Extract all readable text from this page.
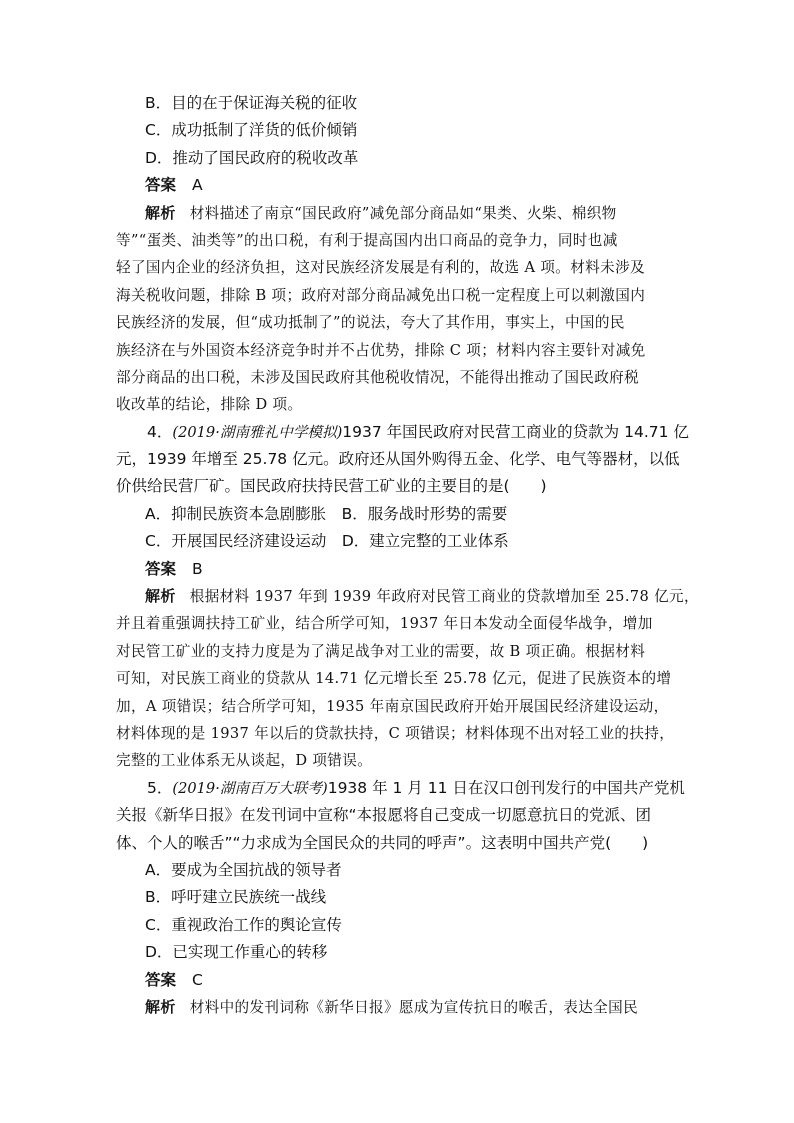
B．目的在于保证海关税的征收
C．成功抵制了洋货的低价倾销
D．推动了国民政府的税收改革
答案 A
解析 材料描述了南京“国民政府”减免部分商品如“果类、火柴、棉织物
等”“蛋类、油类等”的出口税，有利于提高国内出口商品的竞争力，同时也减
轻了国内企业的经济负担，这对民族经济发展是有利的，故选 A 项。材料未涉及
海关税收问题，排除 B 项；政府对部分商品减免出口税一定程度上可以刺激国内
民族经济的发展，但“成功抵制了”的说法，夸大了其作用，事实上，中国的民
族经济在与外国资本经济竞争时并不占优势，排除 C 项；材料内容主要针对减免
部分商品的出口税，未涉及国民政府其他税收情况，不能得出推动了国民政府税
收改革的结论，排除 D 项。
4．(2019·湖南雅礼中学模拟)1937 年国民政府对民营工商业的贷款为 14.71 亿
元，1939 年增至 25.78 亿元。政府还从国外购得五金、化学、电气等器材，以低
价供给民营厂矿。国民政府扶持民营工矿业的主要目的是(　　)
A．抑制民族资本急剧膨胀　B．服务战时形势的需要
C．开展国民经济建设运动　D．建立完整的工业体系
答案 B
解析 根据材料 1937 年到 1939 年政府对民管工商业的贷款增加至 25.78 亿元，
并且着重强调扶持工矿业，结合所学可知，1937 年日本发动全面侵华战争，增加
对民管工矿业的支持力度是为了满足战争对工业的需要，故 B 项正确。根据材料
可知，对民族工商业的贷款从 14.71 亿元增长至 25.78 亿元，促进了民族资本的增
加，A 项错误；结合所学可知，1935 年南京国民政府开始开展国民经济建设运动，
材料体现的是 1937 年以后的贷款扶持，C 项错误；材料体现不出对轻工业的扶持，
完整的工业体系无从谈起，D 项错误。
5．(2019·湖南百万大联考)1938 年 1 月 11 日在汉口创刊发行的中国共产党机
关报《新华日报》在发刊词中宣称“本报愿将自己变成一切愿意抗日的党派、团
体、个人的喉舌”“力求成为全国民众的共同的呼声”。这表明中国共产党(　　)
A．要成为全国抗战的领导者
B．呼吁建立民族统一战线
C．重视政治工作的舆论宣传
D．已实现工作重心的转移
答案 C
解析 材料中的发刊词称《新华日报》愿成为宣传抗日的喉舌，表达全国民
